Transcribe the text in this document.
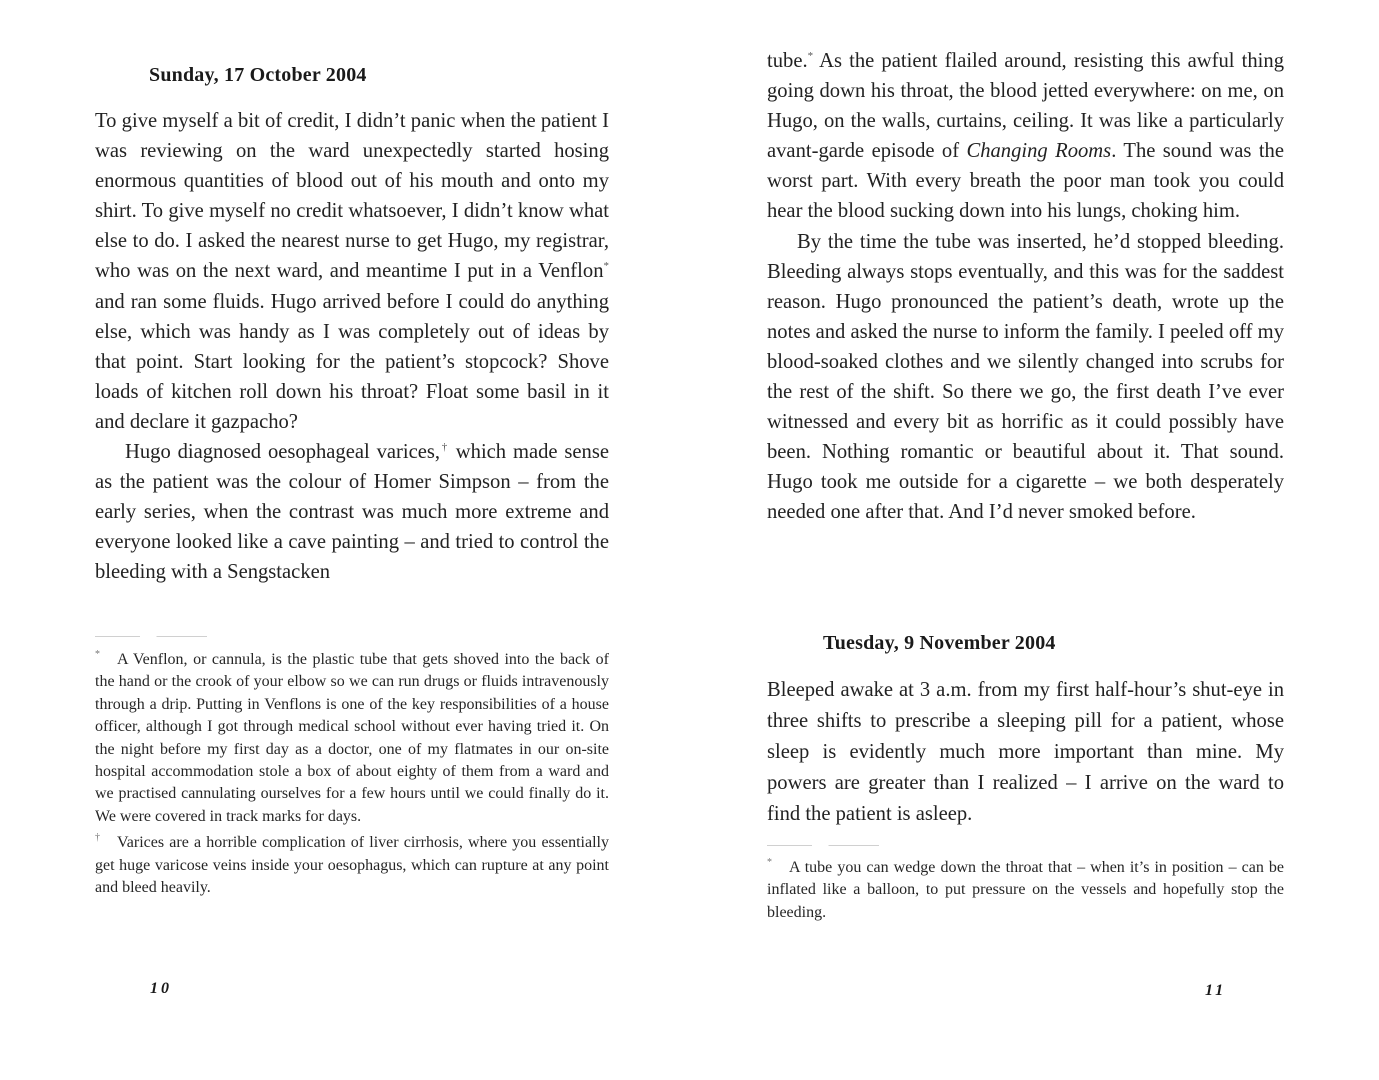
Sunday, 17 October 2004

To give myself a bit of credit, I didn’t panic when the patient I was reviewing on the ward unexpectedly started hosing enormous quantities of blood out of his mouth and onto my shirt. To give myself no credit whatsoever, I didn’t know what else to do. I asked the nearest nurse to get Hugo, my registrar, who was on the next ward, and meantime I put in a Venflon* and ran some fluids. Hugo arrived before I could do anything else, which was handy as I was completely out of ideas by that point. Start looking for the patient’s stopcock? Shove loads of kitchen roll down his throat? Float some basil in it and declare it gazpacho?

Hugo diagnosed oesophageal varices,† which made sense as the patient was the colour of Homer Simpson – from the early series, when the contrast was much more extreme and everyone looked like a cave painting – and tried to control the bleeding with a Sengstacken

* A Venflon, or cannula, is the plastic tube that gets shoved into the back of the hand or the crook of your elbow so we can run drugs or fluids intravenously through a drip. Putting in Venflons is one of the key responsibilities of a house officer, although I got through medical school without ever having tried it. On the night before my first day as a doctor, one of my flatmates in our on-site hospital accommodation stole a box of about eighty of them from a ward and we practised cannulating ourselves for a few hours until we could finally do it. We were covered in track marks for days.

† Varices are a horrible complication of liver cirrhosis, where you essentially get huge varicose veins inside your oesophagus, which can rupture at any point and bleed heavily.

10

tube.* As the patient flailed around, resisting this awful thing going down his throat, the blood jetted everywhere: on me, on Hugo, on the walls, curtains, ceiling. It was like a particularly avant-garde episode of Changing Rooms. The sound was the worst part. With every breath the poor man took you could hear the blood sucking down into his lungs, choking him.

By the time the tube was inserted, he’d stopped bleeding. Bleeding always stops eventually, and this was for the saddest reason. Hugo pronounced the patient’s death, wrote up the notes and asked the nurse to inform the family. I peeled off my blood-soaked clothes and we silently changed into scrubs for the rest of the shift. So there we go, the first death I’ve ever witnessed and every bit as horrific as it could possibly have been. Nothing romantic or beautiful about it. That sound. Hugo took me outside for a cigarette – we both desperately needed one after that. And I’d never smoked before.

Tuesday, 9 November 2004

Bleeped awake at 3 a.m. from my first half-hour’s shut-eye in three shifts to prescribe a sleeping pill for a patient, whose sleep is evidently much more important than mine. My powers are greater than I realized – I arrive on the ward to find the patient is asleep.

* A tube you can wedge down the throat that – when it’s in position – can be inflated like a balloon, to put pressure on the vessels and hopefully stop the bleeding.

11
